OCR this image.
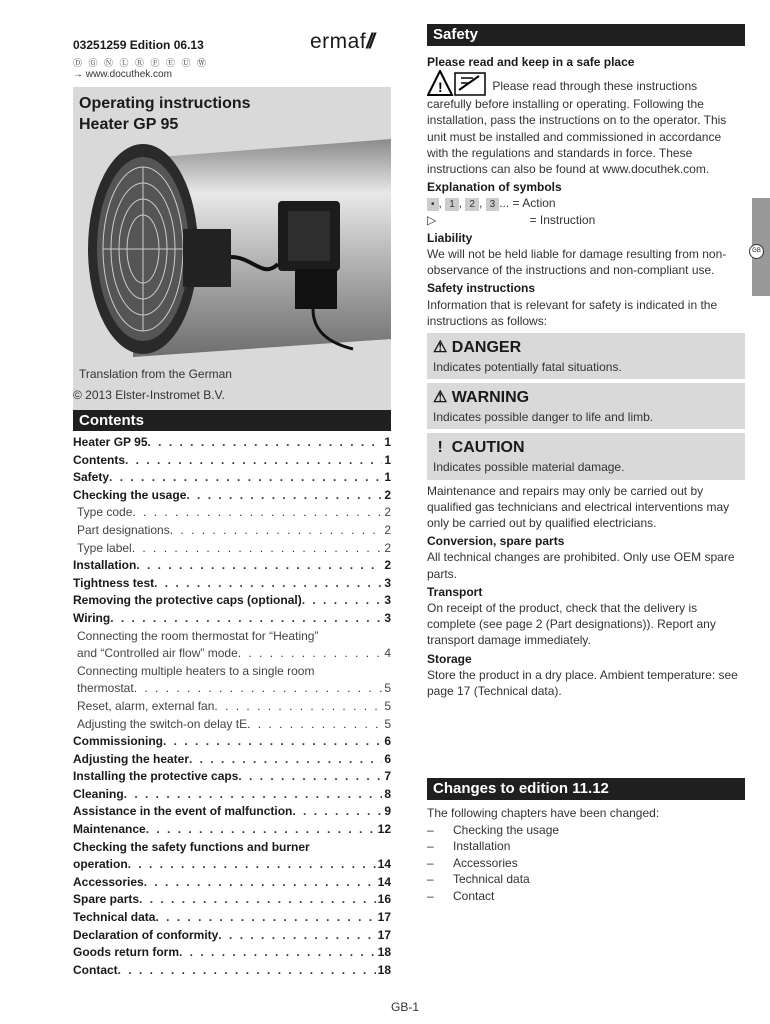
03251259 Edition 06.13	ermaf//
Ⓓ Ⓖ Ⓝ Ⓛ Ⓡ Ⓕ Ⓔ Ⓤ Ⓦ
→ www.docuthek.com
Operating instructions
Heater GP 95
Translation from the German
© 2013 Elster-Instromet B.V.
Contents
Heater GP 95 . . .	1
Contents . . .	1
Safety . . .	1
Checking the usage . . .	2
Type code . . .	2
Part designations . . .	2
Type label . . .	2
Installation . . .	2
Tightness test . . .	3
Removing the protective caps (optional) . . .	3
Wiring . . .	3
Connecting the room thermostat for “Heating”
and “Controlled air flow” mode . . .	4
Connecting multiple heaters to a single room
thermostat . . .	5
Reset, alarm, external fan . . .	5
Adjusting the switch-on delay tE . . .	5
Commissioning . . .	6
Adjusting the heater . . .	6
Installing the protective caps . . .	7
Cleaning . . .	8
Assistance in the event of malfunction . . .	9
Maintenance . . .	12
Checking the safety functions and burner
operation . . .	14
Accessories . . .	14
Spare parts . . .	16
Technical data . . .	17
Declaration of conformity . . .	17
Goods return form . . .	18
Contact . . .	18
Safety
Please read and keep in a safe place
!	Please read through these instructions carefully before installing or operating. Following the installation, pass the instructions on to the operator. This unit must be installed and commissioned in accordance with the regulations and standards in force. These instructions can also be found at www.docuthek.com.
Explanation of symbols
• , 1 , 2 , 3 ... = Action
▷	= Instruction
Liability
We will not be held liable for damage resulting from non-observance of the instructions and non-compliant use.
Safety instructions
Information that is relevant for safety is indicated in the instructions as follows:
⚠ DANGER
Indicates potentially fatal situations.
⚠ WARNING
Indicates possible danger to life and limb.
!  CAUTION
Indicates possible material damage.
Maintenance and repairs may only be carried out by qualified gas technicians and electrical interventions may only be carried out by qualified electricians.
Conversion, spare parts
All technical changes are prohibited. Only use OEM spare parts.
Transport
On receipt of the product, check that the delivery is complete (see page 2 (Part designations)). Report any transport damage immediately.
Storage
Store the product in a dry place. Ambient temperature: see page 17 (Technical data).
Changes to edition 11.12
The following chapters have been changed:
–	Checking the usage
–	Installation
–	Accessories
–	Technical data
–	Contact
GB
GB-1
